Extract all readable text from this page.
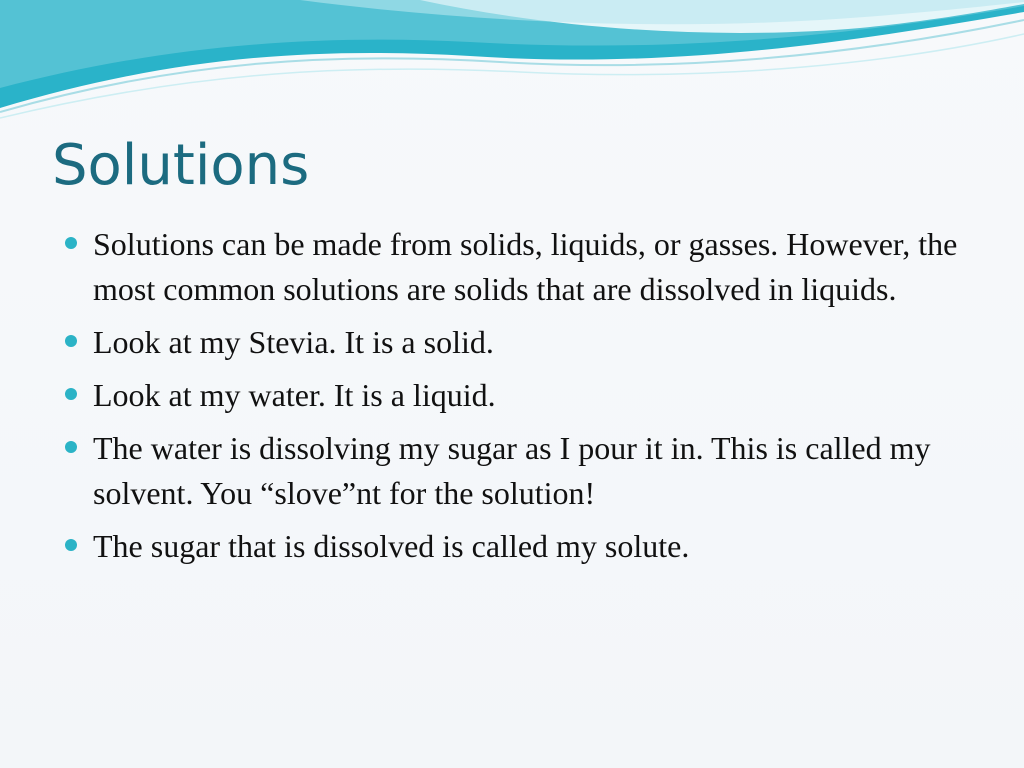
Solutions
Solutions can be made from solids, liquids, or gasses. However, the most common solutions are solids that are dissolved in liquids.
Look at my Stevia. It is a solid.
Look at my water. It is a liquid.
The water is dissolving my sugar as I pour it in. This is called my solvent. You “slove”nt for the solution!
The sugar that is dissolved is called my solute.
